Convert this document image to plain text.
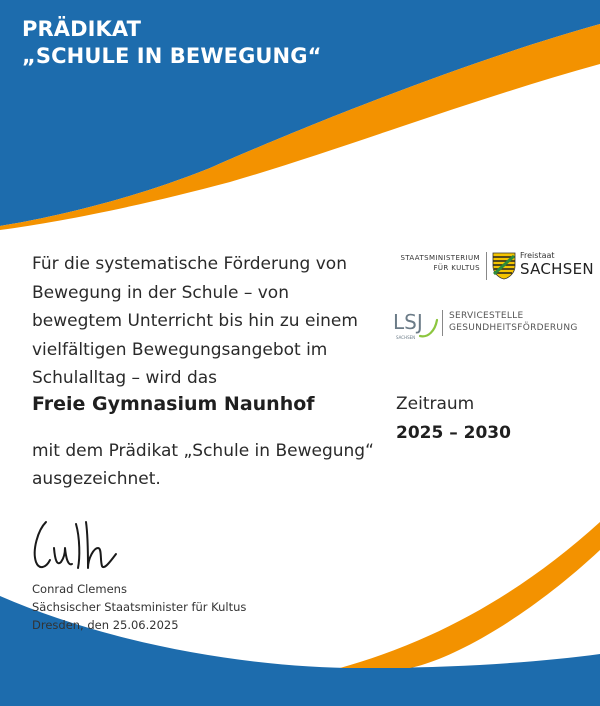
PRÄDIKAT
„SCHULE IN BEWEGUNG“
Für die systematische Förderung von
Bewegung in der Schule – von
bewegtem Unterricht bis hin zu einem
vielfältigen Bewegungsangebot im
Schulalltag – wird das
Freie Gymnasium Naunhof
mit dem Prädikat „Schule in Bewegung“
ausgezeichnet.
Zeitraum
2025 – 2030
Conrad Clemens
Sächsischer Staatsminister für Kultus
Dresden, den 25.06.2025
STAATSMINISTERIUM
FÜR KULTUS
Freistaat
SACHSEN
LSJ
SACHSEN
SERVICESTELLE
GESUNDHEITSFÖRDERUNG
